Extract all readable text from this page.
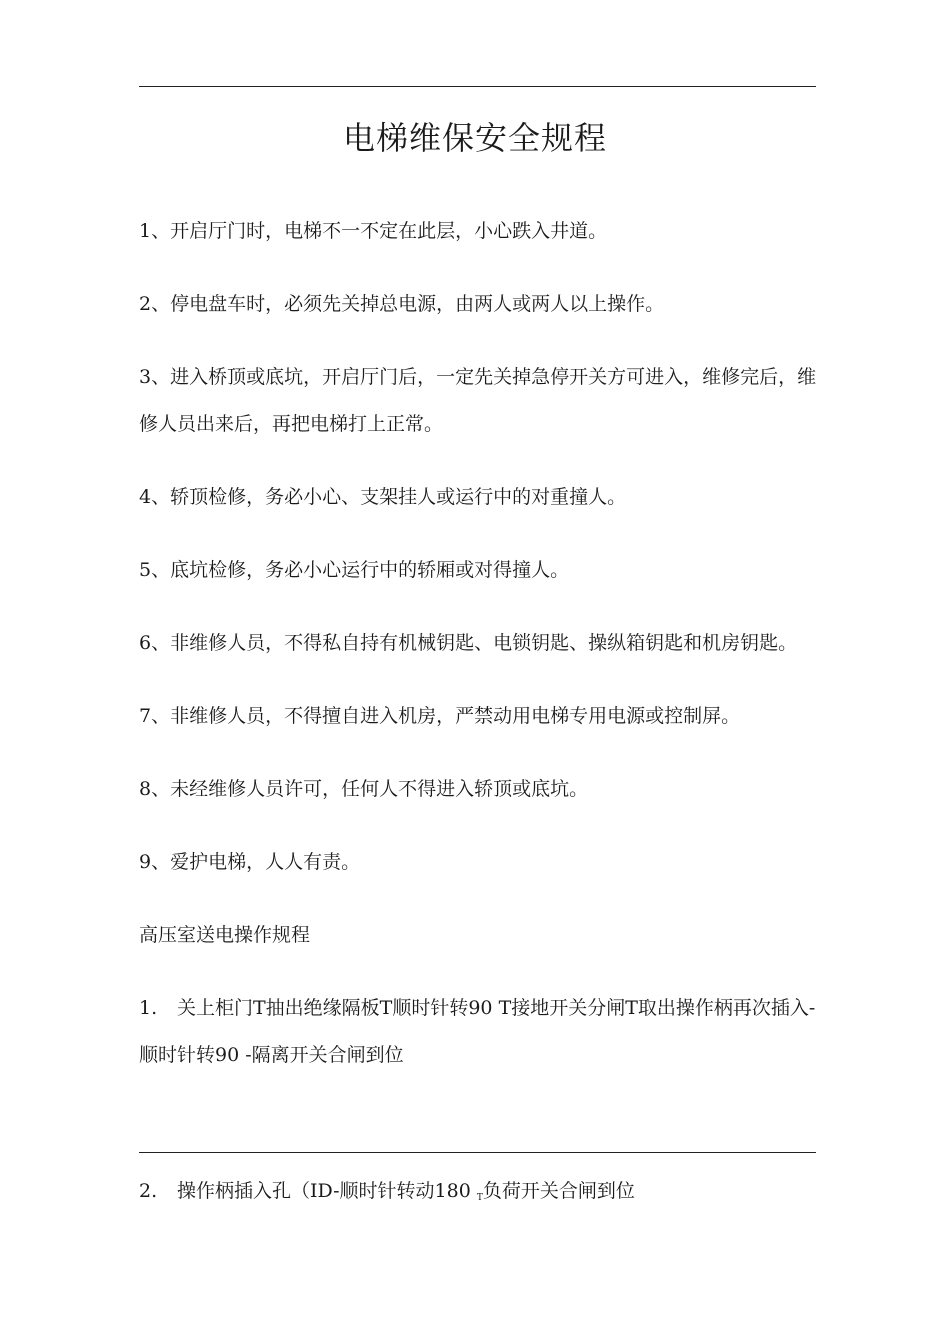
电梯维保安全规程

1、开启厅门时，电梯不一不定在此层，小心跌入井道。

2、停电盘车时，必须先关掉总电源，由两人或两人以上操作。

3、进入桥顶或底坑，开启厅门后，一定先关掉急停开关方可进入，维修完后，维修人员出来后，再把电梯打上正常。

4、轿顶检修，务必小心、支架挂人或运行中的对重撞人。

5、底坑检修，务必小心运行中的轿厢或对得撞人。

6、非维修人员，不得私自持有机械钥匙、电锁钥匙、操纵箱钥匙和机房钥匙。

7、非维修人员，不得擅自进入机房，严禁动用电梯专用电源或控制屏。

8、未经维修人员许可，任何人不得进入轿顶或底坑。

9、爱护电梯，人人有责。

高压室送电操作规程

1. 关上柜门T抽出绝缘隔板T顺时针转90 T接地开关分闸T取出操作柄再次插入-顺时针转90 -隔离开关合闸到位

2. 操作柄插入孔（ID-顺时针转动180 T负荷开关合闸到位
